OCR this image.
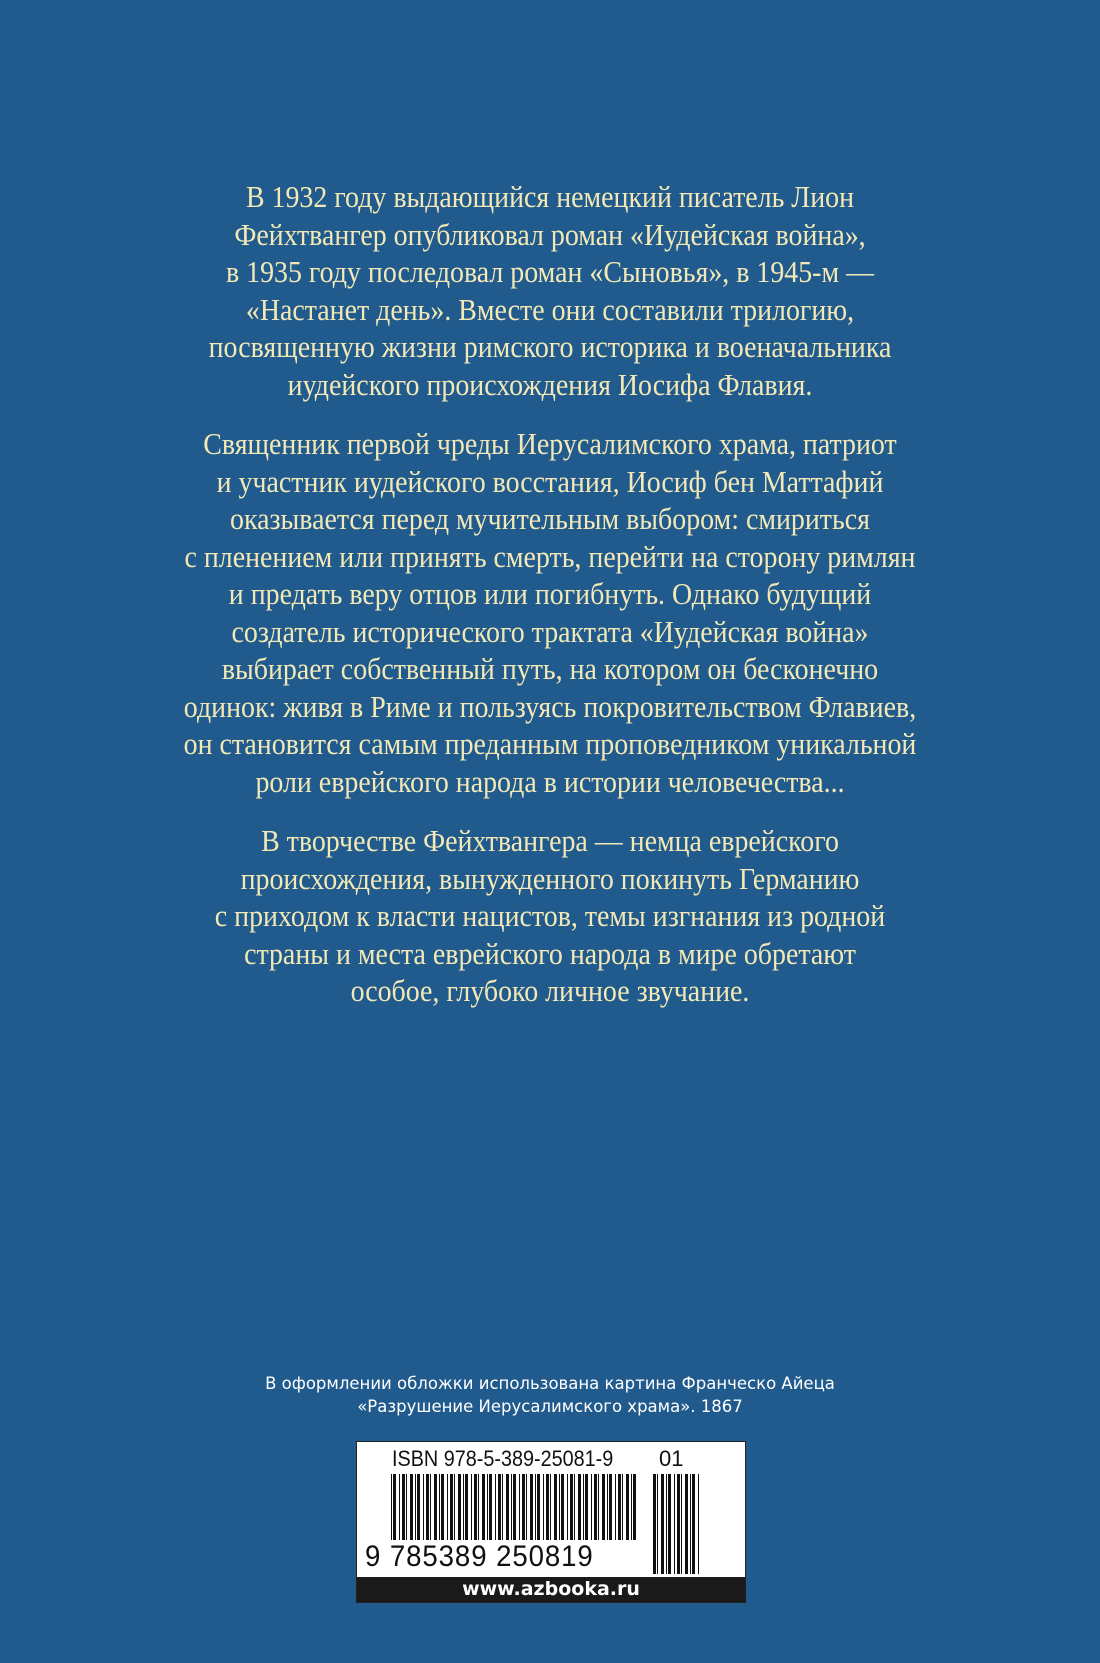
В 1932 году выдающийся немецкий писатель Лион
Фейхтвангер опубликовал роман «Иудейская война»,
в 1935 году последовал роман «Сыновья», в 1945-м —
«Настанет день». Вместе они составили трилогию,
посвященную жизни римского историка и военачальника
иудейского происхождения Иосифа Флавия.

Священник первой чреды Иерусалимского храма, патриот
и участник иудейского восстания, Иосиф бен Маттафий
оказывается перед мучительным выбором: смириться
с пленением или принять смерть, перейти на сторону римлян
и предать веру отцов или погибнуть. Однако будущий
создатель исторического трактата «Иудейская война»
выбирает собственный путь, на котором он бесконечно
одинок: живя в Риме и пользуясь покровительством Флавиев,
он становится самым преданным проповедником уникальной
роли еврейского народа в истории человечества...

В творчестве Фейхтвангера — немца еврейского
происхождения, вынужденного покинуть Германию
с приходом к власти нацистов, темы изгнания из родной
страны и места еврейского народа в мире обретают
особое, глубоко личное звучание.

В оформлении обложки использована картина Франческо Айеца
«Разрушение Иерусалимского храма». 1867
ISBN 978-5-389-25081-9 01
9 785389 250819
www.azbooka.ru
